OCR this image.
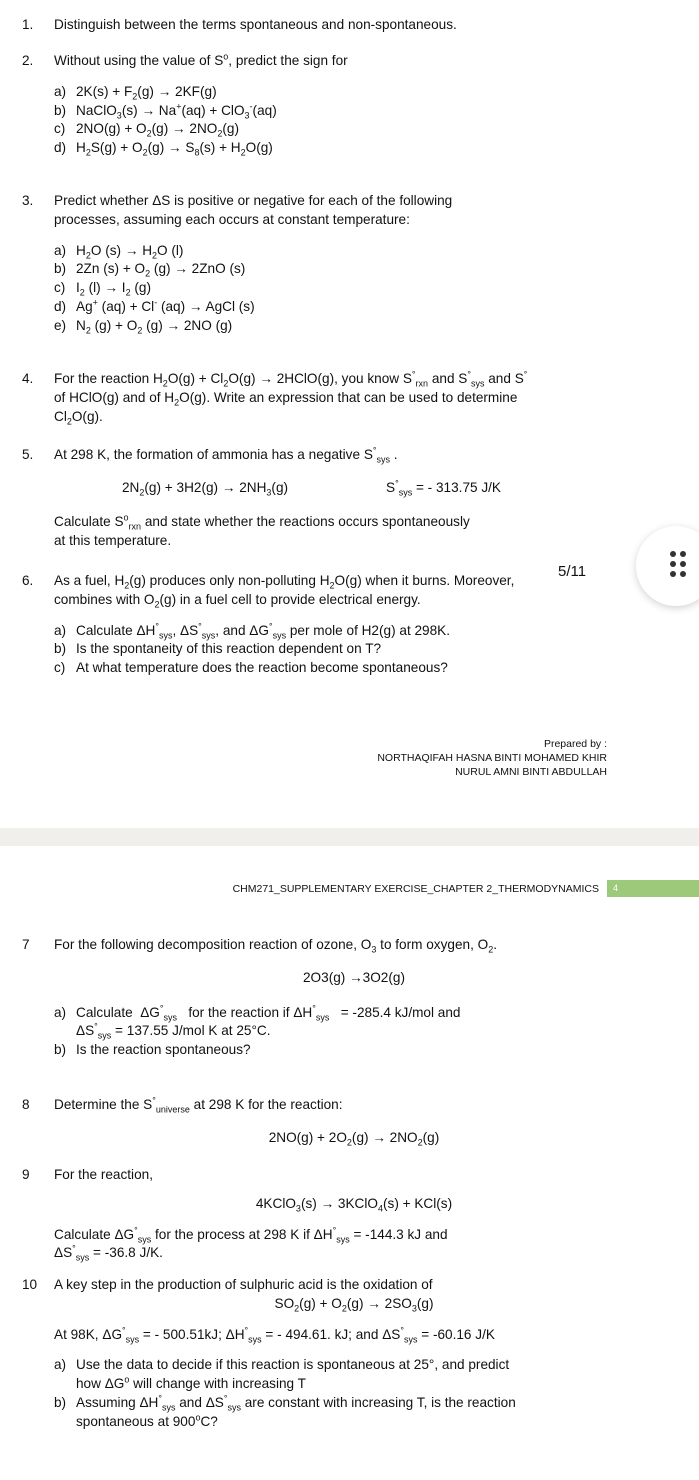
1.	Distinguish between the terms spontaneous and non-spontaneous.
2.	Without using the value of $S^o$, predict the sign for
a) $2K(s) + F_2(g) \to 2KF(g)$
b) NaClO$_3$(s) → Na+(aq) + ClO$_3$-(aq)
c) $2NO(g) + O_2(g) \to 2NO_2(g)$
d) $H_2S(g) + O_2(g) \to S_8(s) + H_2O(g)$
3.	Predict whether ΔS is positive or negative for each of the following
processes, assuming each occurs at constant temperature:
a) $H_2O$ $(s) \to H_2O$ (l)
b) 2Zn $(s) + O_2$ (g) → 2ZnO (s)
c) $I_2$ $(l) \to I_2$ (g)
d) Ag+ (aq) + Cl- (aq) → AgCl (s)
e) $N_2$ $(g) + O_2$ (g) → 2NO (g)
4.	For the reaction $H_2O(g) + Cl_2O(g)$ → 2HClO(g), you know $S^\circ_{rxn}$ and $S^\circ_{sys}$ and S°
of HClO(g) and of $H_2O(g)$. Write an expression that can be used to determine
$Cl_2O(g)$.
5.	At 298 K, the formation of ammonia has a negative $S^\circ_{sys}$ .
$2N_2(g) + 3H2(g) \to 2NH_3(g)$	$S^\circ_{sys}$ = - 313.75 J/K
Calculate $S^o_{rxn}$ and state whether the reactions occurs spontaneously
at this temperature.
6.	As a fuel, $H_2(g)$ produces only non-polluting $H_2O(g)$ when it burns. Moreover,
combines with $O_2(g)$ in a fuel cell to provide electrical energy.
a) Calculate $\Delta H^\circ_{sys}$, $\Delta S^\circ_{sys}$, and $\Delta G^\circ_{sys}$ per mole of H2(g) at 298K.
b) Is the spontaneity of this reaction dependent on T?
c) At what temperature does the reaction become spontaneous?
Prepared by :
NORTHAQIFAH HASNA BINTI MOHAMED KHIR
NURUL AMNI BINTI ABDULLAH
5/11
CHM271_SUPPLEMENTARY EXERCISE_CHAPTER 2_THERMODYNAMICS	4
7	For the following decomposition reaction of ozone, $O_3$ to form oxygen, $O_2$.
2O3(g) →3O2(g)
a) Calculate  $\Delta G^\circ_{sys}$   for the reaction if $\Delta H^\circ_{sys} = -285.4$ kJ/mol and
$\Delta S^\circ_{sys} = 137.55$ J/mol K at 25°C.
b) Is the reaction spontaneous?
8	Determine the $S^\circ_{universe}$ at 298 K for the reaction:
$2NO(g) + 2O_2(g) \to 2NO_2(g)$
9	For the reaction,
4KClO$_3$(s) → 3KClO$_4$(s) + KCl(s)
Calculate $\Delta G^\circ_{sys}$ for the process at 298 K if $\Delta H^\circ_{sys} = -144.3$ kJ and
$\Delta S^\circ_{sys} = -36.8$ J/K.
10	A key step in the production of sulphuric acid is the oxidation of
$SO_2(g) + O_2(g) \to 2SO_3(g)$
At 98K, $\Delta G^\circ_{sys}$ = - 500.51kJ; $\Delta H^\circ_{sys}$ = - 494.61. kJ; and $\Delta S^\circ_{sys} = -60.16$ J/K
a) Use the data to decide if this reaction is spontaneous at 25°, and predict
how $\Delta G^o$ will change with increasing T
b) Assuming $\Delta H^\circ_{sys}$ and $\Delta S^\circ_{sys}$ are constant with increasing T, is the reaction
spontaneous at 900$^o$C?
